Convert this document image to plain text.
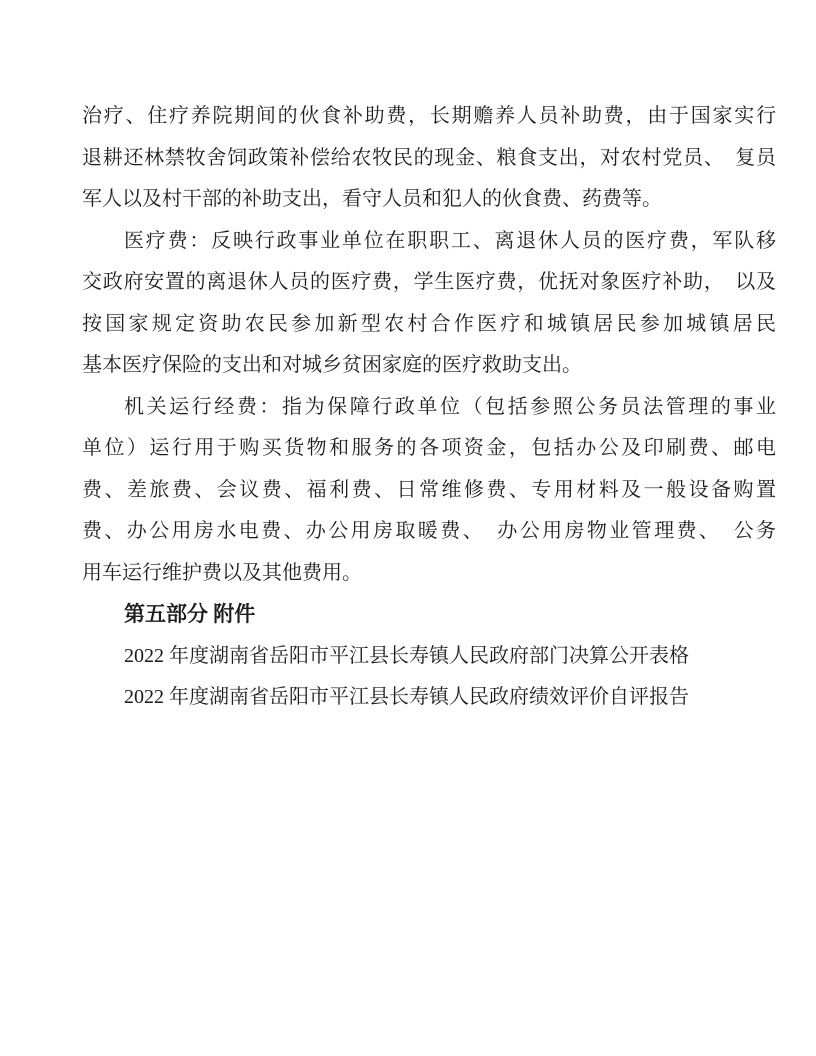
治疗、住疗养院期间的伙食补助费，长期赡养人员补助费，由于国家实行
退耕还林禁牧舍饲政策补偿给农牧民的现金、粮食支出，对农村党员、　复员
军人以及村干部的补助支出，看守人员和犯人的伙食费、药费等。
医疗费：反映行政事业单位在职职工、离退休人员的医疗费，军队移
交政府安置的离退休人员的医疗费，学生医疗费，优抚对象医疗补助，　以及
按国家规定资助农民参加新型农村合作医疗和城镇居民参加城镇居民
基本医疗保险的支出和对城乡贫困家庭的医疗救助支出。
机关运行经费：指为保障行政单位（包括参照公务员法管理的事业
单位）运行用于购买货物和服务的各项资金，包括办公及印刷费、邮电
费、差旅费、会议费、福利费、日常维修费、专用材料及一般设备购置
费、办公用房水电费、办公用房取暖费、　办公用房物业管理费、　公务
用车运行维护费以及其他费用。
第五部分 附件
2022 年度湖南省岳阳市平江县长寿镇人民政府部门决算公开表格
2022 年度湖南省岳阳市平江县长寿镇人民政府绩效评价自评报告
